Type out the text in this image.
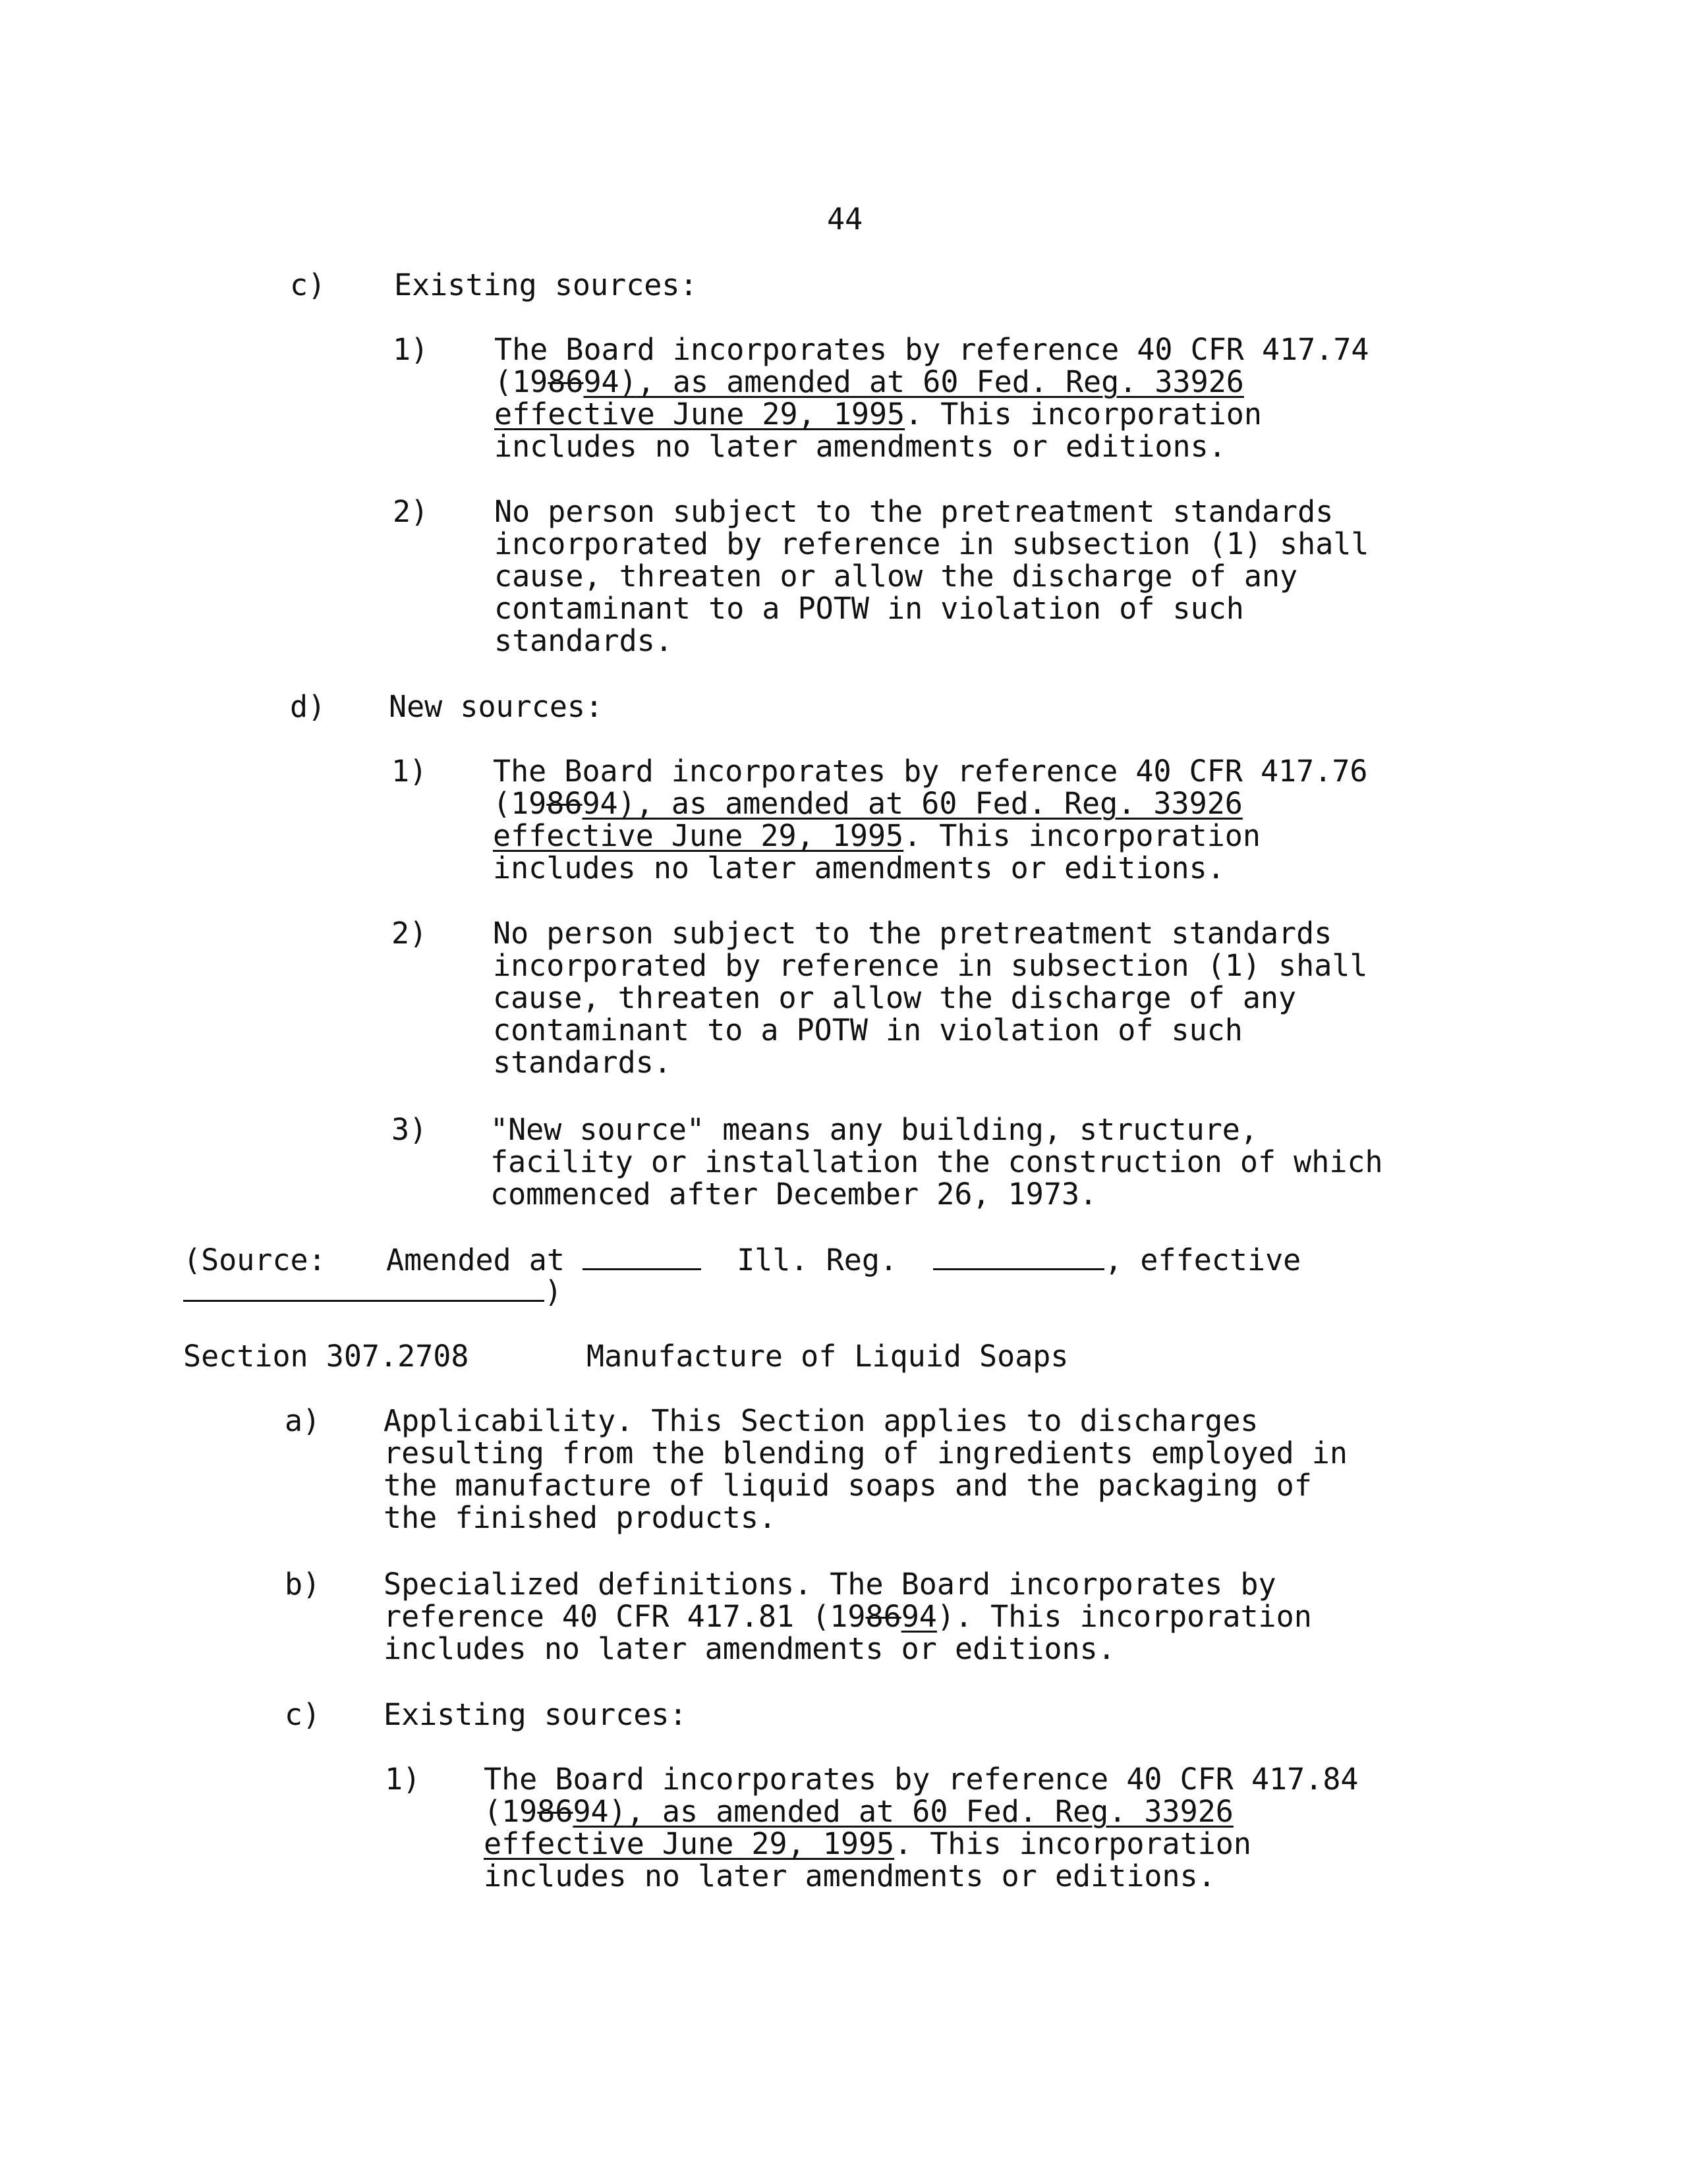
44
c) Existing sources:
1) The Board incorporates by reference 40 CFR 417.74
(198694), as amended at 60 Fed. Reg. 33926
effective June 29, 1995. This incorporation
includes no later amendments or editions.
2) No person subject to the pretreatment standards
incorporated by reference in subsection (1) shall
cause, threaten or allow the discharge of any
contaminant to a POTW in violation of such
standards.
d) New sources:
1) The Board incorporates by reference 40 CFR 417.76
(198694), as amended at 60 Fed. Reg. 33926
effective June 29, 1995. This incorporation
includes no later amendments or editions.
2) No person subject to the pretreatment standards
incorporated by reference in subsection (1) shall
cause, threaten or allow the discharge of any
contaminant to a POTW in violation of such
standards.
3) "New source" means any building, structure,
facility or installation the construction of which
commenced after December 26, 1973.
(Source: Amended at	Ill. Reg.	, effective
)
Section 307.2708	Manufacture of Liquid Soaps
a) Applicability. This Section applies to discharges
resulting from the blending of ingredients employed in
the manufacture of liquid soaps and the packaging of
the finished products.
b) Specialized definitions. The Board incorporates by
reference 40 CFR 417.81 (198694). This incorporation
includes no later amendments or editions.
c) Existing sources:
1) The Board incorporates by reference 40 CFR 417.84
(198694), as amended at 60 Fed. Reg. 33926
effective June 29, 1995. This incorporation
includes no later amendments or editions.
